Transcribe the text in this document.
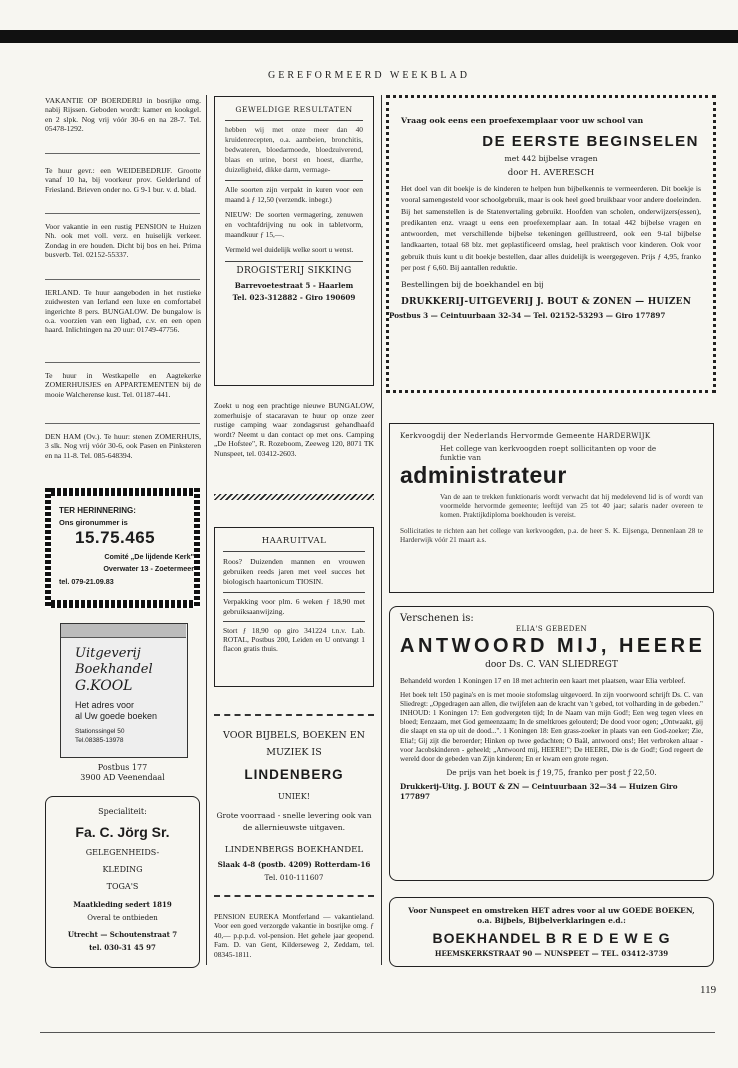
GEREFORMEERD WEEKBLAD
VAKANTIE OP BOERDERIJ in bosrijke omg. nabij Rijssen. Geboden wordt: kamer en kookgel. en 2 slpk. Nog vrij vóór 30-6 en na 28-7. Tel. 05478-1292.
Te huur gevr.: een WEIDEBEDRIJF. Grootte vanaf 10 ha, bij voorkeur prov. Gelderland of Friesland. Brieven onder no. G 9-1 bur. v. d. blad.
Voor vakantie in een rustig PENSION te Huizen Nh. ook met voll. verz. en huiselijk verkeer. Zondag in ere houden. Dicht bij bos en hei. Prima busverb. Tel. 02152-55337.
IERLAND. Te huur aangeboden in het rustieke zuidwesten van Ierland een luxe en comfortabel ingerichte 8 pers. BUNGALOW. De bungalow is o.a. voorzien van een ligbad, c.v. en een open haard. Inlichtingen na 20 uur: 01749-47756.
Te huur in Westkapelle en Aagtekerke ZOMERHUISJES en APPARTEMENTEN bij de mooie Walcherense kust. Tel. 01187-441.
DEN HAM (Ov.). Te huur: stenen ZOMERHUIS, 3 slk. Nog vrij vóór 30-6, ook Pasen en Pinksteren en na 11-8. Tel. 085-648394.
TER HERINNERING:
Ons gironummer is
15.75.465
Comité „De lijdende Kerk"
Overwater 13 - Zoetermeer
tel. 079-21.09.83
Uitgeverij
Boekhandel
G.KOOL
Het adres voor
al Uw goede boeken
Stationssingel 50
Tel.08385-13978
Postbus 177
3900 AD Veenendaal
Specialiteit:
Fa. C. Jörg Sr.
GELEGENHEIDS-
KLEDING
TOGA'S
Maatkleding sedert 1819
Overal te ontbieden
Utrecht — Schoutenstraat 7
tel. 030-31 45 97
GEWELDIGE RESULTATEN

hebben wij met onze meer dan 40 kruidenrecepten, o.a. aambeien, bronchitis, bedwateren, bloedarmoede, bloedzuiverend, blaas en urine, borst en hoest, diarrhe, duizeligheid, dikke darm, vermage-

Alle soorten zijn verpakt in kuren voor een maand à ƒ 12,50 (verzendk. inbegr.)

NIEUW: De soorten vermagering, zenuwen en vochtafdrijving nu ook in tabletvorm, maandkuur ƒ 15,—.

Vermeld wel duidelijk welke soort u wenst.

DROGISTERIJ SIKKING
Barrevoetestraat 5 - Haarlem
Tel. 023-312882 - Giro 190609
Zoekt u nog een prachtige nieuwe BUNGALOW, zomerhuisje of stacaravan te huur op onze zeer rustige camping waar zondagsrust gehandhaafd wordt? Neemt u dan contact op met ons. Camping „De Hofstee", R. Rozeboom, Zeeweg 120, 8071 TK Nunspeet, tel. 03412-2603.
HAARUITVAL

Roos? Duizenden mannen en vrouwen gebruiken reeds jaren met veel succes het biologisch haartonicum TIOSIN.

Verpakking voor plm. 6 weken ƒ 18,90 met gebruiksaanwijzing.

Stort ƒ 18,90 op giro 341224 t.n.v. Lab. ROTAL, Postbus 200, Leiden en U ontvangt 1 flacon gratis thuis.

VOOR BIJBELS, BOEKEN EN
MUZIEK IS
LINDENBERG
UNIEK!
Grote voorraad - snelle levering ook van de allernieuwste uitgaven.
LINDENBERGS BOEKHANDEL
Slaak 4-8 (postb. 4209) Rotterdam-16
Tel. 010-111607
PENSION EUREKA Montferland — vakantieland. Voor een goed verzorgde vakantie in bosrijke omg. ƒ 40,— p.p.p.d. vol-pension. Het gehele jaar geopend. Fam. D. van Gent, Kilderseweg 2, Zeddam, tel. 08345-1811.
Vraag ook eens een proefexemplaar voor uw school van
DE EERSTE BEGINSELEN
met 442 bijbelse vragen
door H. AVERESCH

Het doel van dit boekje is de kinderen te helpen hun bijbelkennis te vermeerderen. Dit boekje is vooral samengesteld voor schoolgebruik, maar is ook heel goed bruikbaar voor andere doeleinden. Bij het samenstellen is de Statenvertaling gebruikt. Hoofden van scholen, onderwijzers(essen), predikanten enz. vraagt u eens een proefexemplaar aan. In totaal 442 bijbelse vragen en antwoorden, met verschillende bijbelse tekeningen geïllustreerd, ook een 9-tal bijbelse landkaarten, totaal 68 blz. met geplastificeerd omslag, heel praktisch voor kinderen. Ook voor gebruik thuis kunt u dit boekje bestellen, daar alles duidelijk is weergegeven. Prijs ƒ 4,95, franko per post ƒ 6,60. Bij aantallen reduktie.

Bestellingen bij de boekhandel en bij
DRUKKERIJ-UITGEVERIJ J. BOUT & ZONEN — HUIZEN
Postbus 3 — Ceintuurbaan 32-34 — Tel. 02152-53293 — Giro 177897
Kerkvoogdij der Nederlands Hervormde Gemeente HARDERWIJK
Het college van kerkvoogden roept sollicitanten op voor de funktie van
administrateur

Van de aan te trekken funktionaris wordt verwacht dat hij medelevend lid is of wordt van voormelde hervormde gemeente; leeftijd van 25 tot 40 jaar; salaris nader overeen te komen. Praktijkdiploma boekhouden is vereist.

Sollicitaties te richten aan het college van kerkvoogden, p.a. de heer S. K. Eijsenga, Dennenlaan 28 te Harderwijk vóór 21 maart a.s.

Verschenen is:
ELIA'S GEBEDEN
ANTWOORD MIJ, HEERE
door Ds. C. VAN SLIEDREGT

Behandeld worden 1 Koningen 17 en 18 met achterin een kaart met plaatsen, waar Elia verbleef.

Het boek telt 150 pagina's en is met mooie stofomslag uitgevoerd. In zijn voorwoord schrijft Ds. C. van Sliedregt: „Opgedragen aan allen, die twijfelen aan de kracht van 't gebed, tot volharding in de gebeden." INHOUD: 1 Koningen 17: Een godvergeten tijd; In de Naam van mijn God!; Een weg tegen vlees en bloed; Eenzaam, met God gemeenzaam; In de smeltkroes gelouterd; De dood voor ogen; „Ontwaakt, gij die slaapt en sta op uit de dood...". 1 Koningen 18: Een grass-zoeker in plaats van een God-zoeker; Zie, Elia!; Gij zijt die beroerder; Hinken op twee gedachten; O Baäl, antwoord ons!; Het verbroken altaar - voor Jacobskinderen - geheeld; „Antwoord mij, HEERE!"; De HEERE, Die is de God!; God regeert de wereld door de gebeden van Zijn kinderen; En er kwam een grote regen.

De prijs van het boek is ƒ 19,75, franko per post ƒ 22,50.
Drukkerij-Uitg. J. BOUT & ZN — Ceintuurbaan 32—34 — Huizen Giro 177897
Voor Nunspeet en omstreken HET adres voor al uw GOEDE BOEKEN, o.a. Bijbels, Bijbelverklaringen e.d.:
BOEKHANDEL B R E D E W E G
HEEMSKERKSTRAAT 90 — NUNSPEET — TEL. 03412-3739
119
